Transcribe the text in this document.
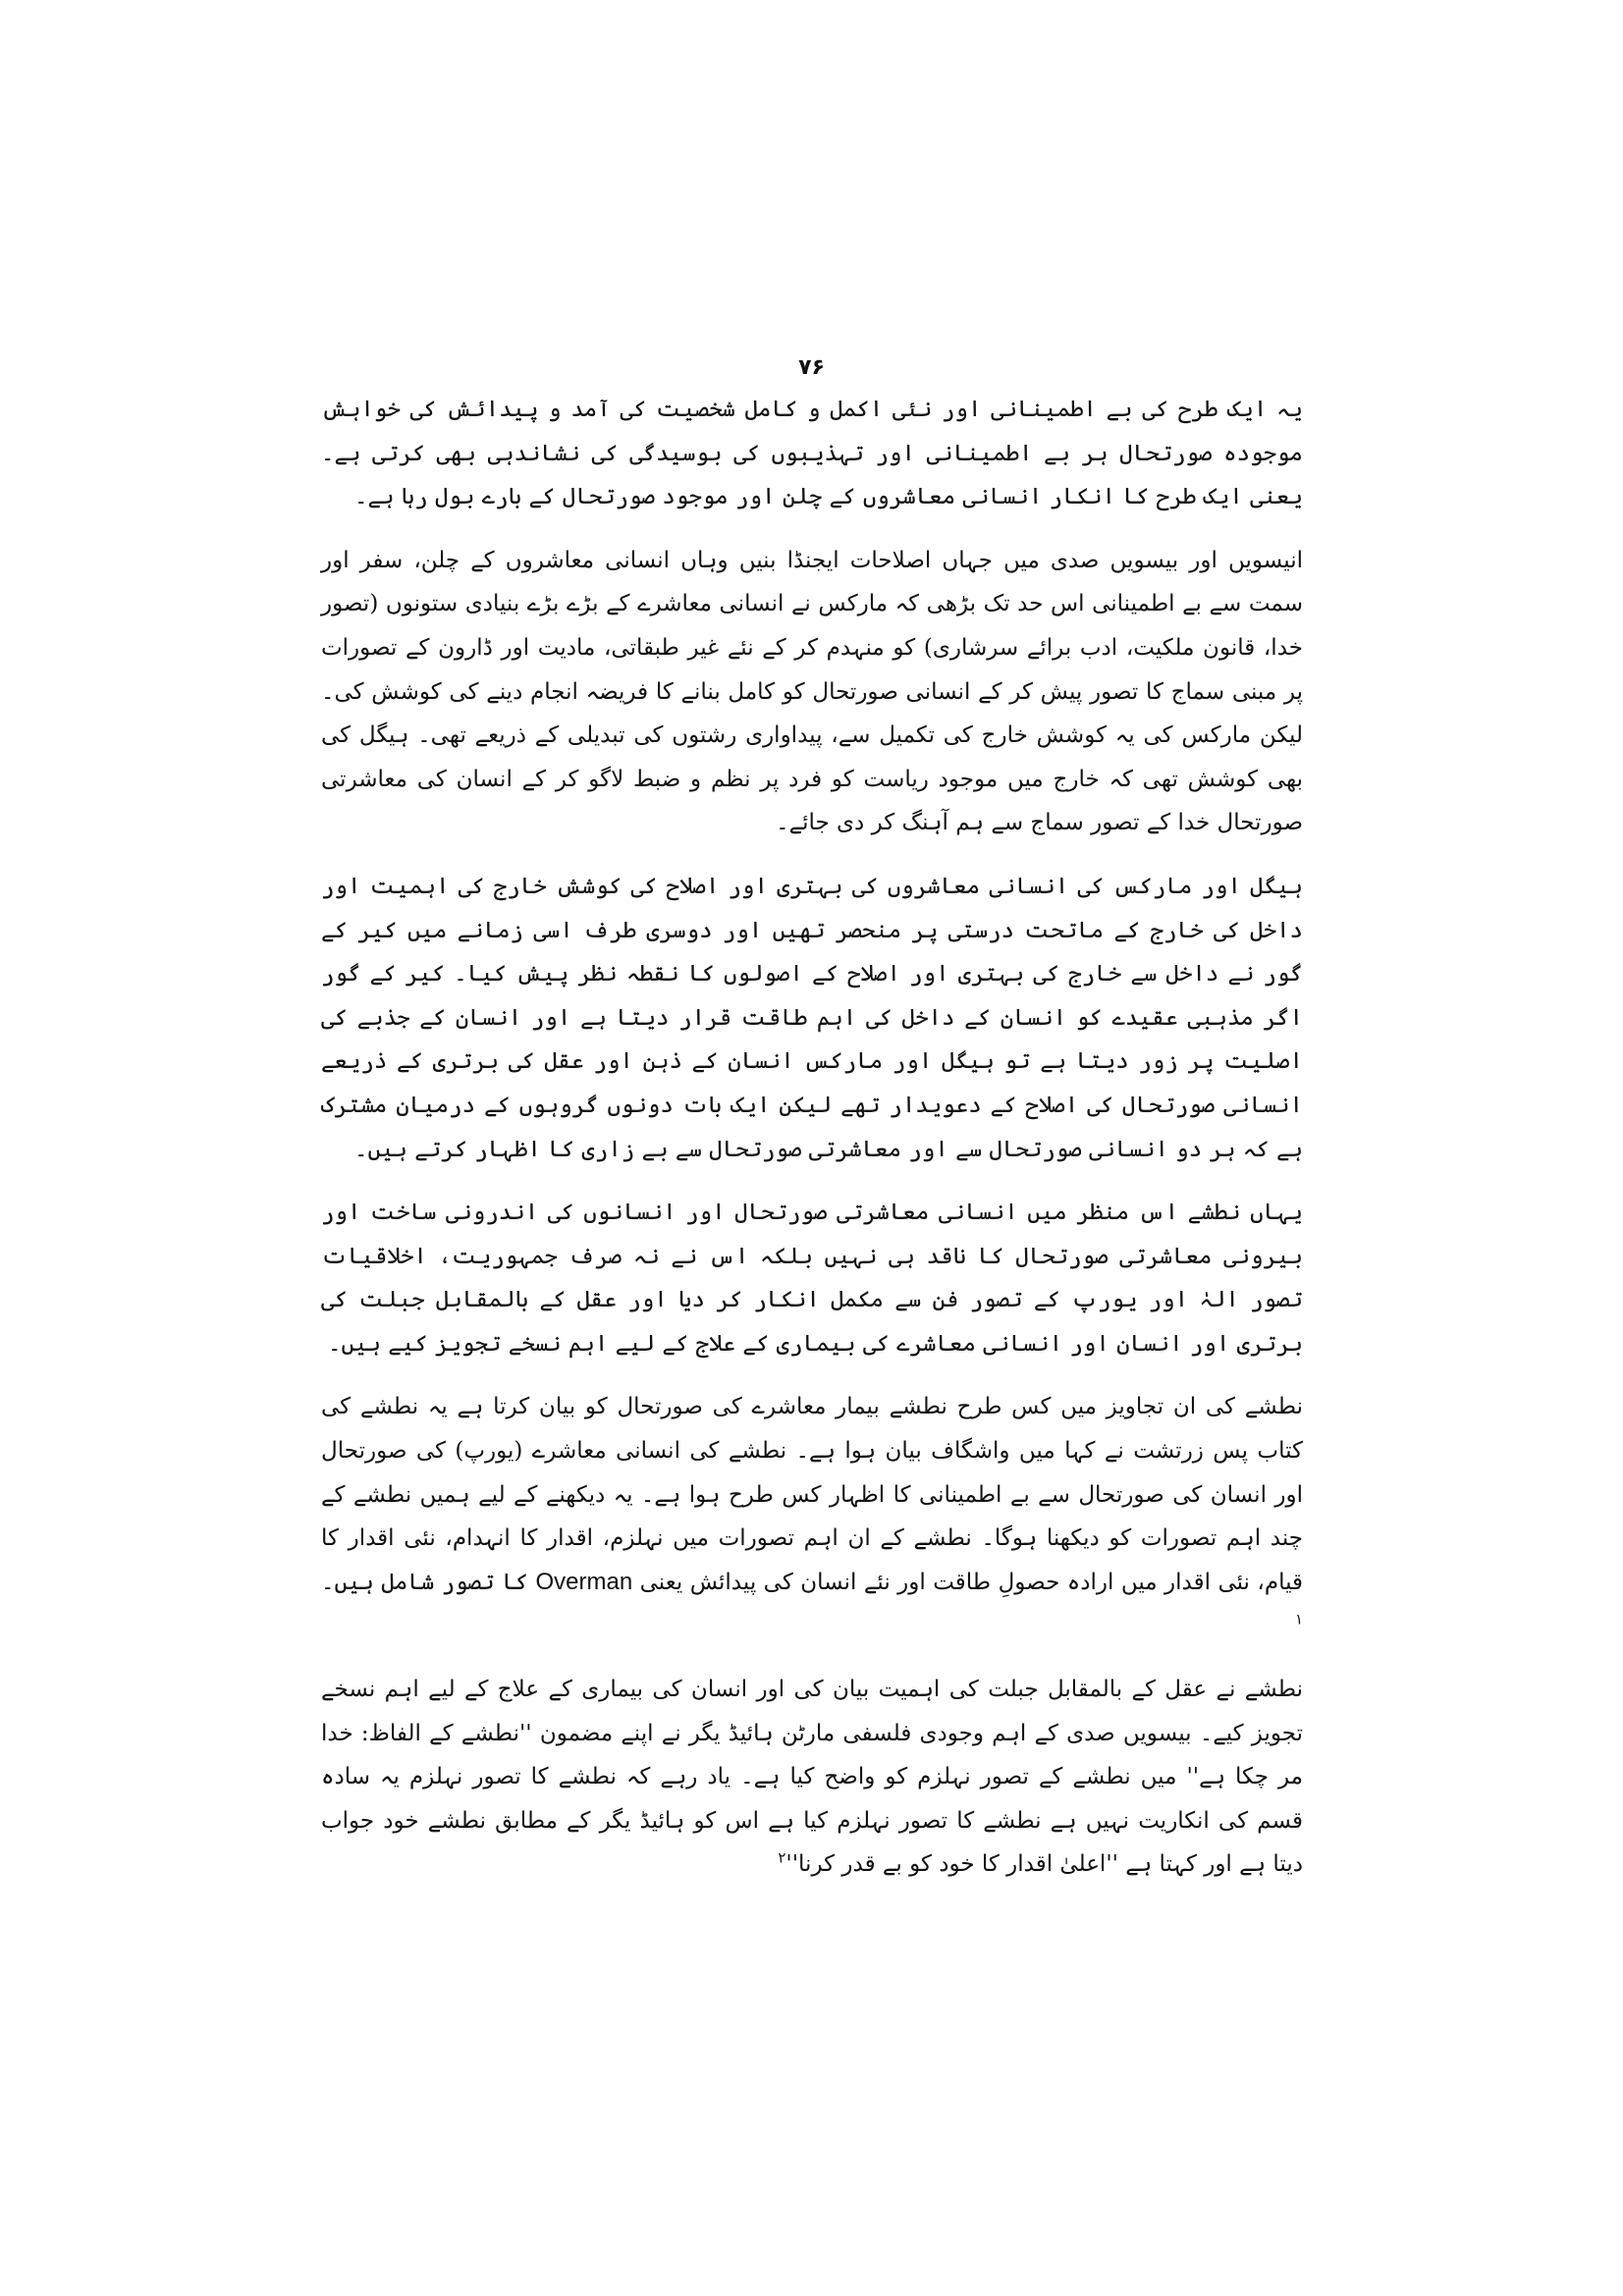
۷۶

یہ ایک طرح کی بے اطمینانی اور نئی اکمل و کامل شخصیت کی آمد و پیدائش کی خواہش موجودہ صورتحال ہر بے اطمینانی اور تہذیبوں کی بوسیدگی کی نشاندہی بھی کرتی ہے۔ یعنی ایک طرح کا انکار انسانی معاشروں کے چلن اور موجود صورتحال کے بارے بول رہا ہے۔

انیسویں اور بیسویں صدی میں جہاں اصلاحات ایجنڈا بنیں وہاں انسانی معاشروں کے چلن، سفر اور سمت سے بے اطمینانی اس حد تک بڑھی کہ مارکس نے انسانی معاشرے کے بڑے بڑے بنیادی ستونوں (تصور خدا، قانون ملکیت، ادب برائے سرشاری) کو منہدم کر کے نئے غیر طبقاتی، مادیت اور ڈارون کے تصورات پر مبنی سماج کا تصور پیش کر کے انسانی صورتحال کو کامل بنانے کا فریضہ انجام دینے کی کوشش کی۔ لیکن مارکس کی یہ کوشش خارج کی تکمیل سے، پیداواری رشتوں کی تبدیلی کے ذریعے تھی۔ ہیگل کی بھی کوشش تھی کہ خارج میں موجود ریاست کو فرد پر نظم و ضبط لاگو کر کے انسان کی معاشرتی صورتحال خدا کے تصور سماج سے ہم آہنگ کر دی جائے۔

ہیگل اور مارکس کی انسانی معاشروں کی بہتری اور اصلاح کی کوشش خارج کی اہمیت اور داخل کی خارج کے ماتحت درستی پر منحصر تھیں اور دوسری طرف اسی زمانے میں کیر کے گور نے داخل سے خارج کی بہتری اور اصلاح کے اصولوں کا نقطہ نظر پیش کیا۔ کیر کے گور اگر مذہبی عقیدے کو انسان کے داخل کی اہم طاقت قرار دیتا ہے اور انسان کے جذبے کی اصلیت پر زور دیتا ہے تو ہیگل اور مارکس انسان کے ذہن اور عقل کی برتری کے ذریعے انسانی صورتحال کی اصلاح کے دعویدار تھے لیکن ایک بات دونوں گروہوں کے درمیان مشترک ہے کہ ہر دو انسانی صورتحال سے اور معاشرتی صورتحال سے بے زاری کا اظہار کرتے ہیں۔

یہاں نطشے اس منظر میں انسانی معاشرتی صورتحال اور انسانوں کی اندرونی ساخت اور بیرونی معاشرتی صورتحال کا ناقد ہی نہیں بلکہ اس نے نہ صرف جمہوریت، اخلاقیات تصور الہٰ اور یورپ کے تصور فن سے مکمل انکار کر دیا اور عقل کے بالمقابل جبلت کی برتری اور انسان اور انسانی معاشرے کی بیماری کے علاج کے لیے اہم نسخے تجویز کیے ہیں۔

نطشے کی ان تجاویز میں کس طرح نطشے بیمار معاشرے کی صورتحال کو بیان کرتا ہے یہ نطشے کی کتاب پس زرتشت نے کہا میں واشگاف بیان ہوا ہے۔ نطشے کی انسانی معاشرے (یورپ) کی صورتحال اور انسان کی صورتحال سے بے اطمینانی کا اظہار کس طرح ہوا ہے۔ یہ دیکھنے کے لیے ہمیں نطشے کے چند اہم تصورات کو دیکھنا ہوگا۔ نطشے کے ان اہم تصورات میں نہلزم، اقدار کا انہدام، نئی اقدار کا قیام، نئی اقدار میں ارادہ حصولِ طاقت اور نئے انسان کی پیدائش یعنی Overman کا تصور شامل ہیں۔$^۱$

نطشے نے عقل کے بالمقابل جبلت کی اہمیت بیان کی اور انسان کی بیماری کے علاج کے لیے اہم نسخے تجویز کیے۔ بیسویں صدی کے اہم وجودی فلسفی مارٹن ہائیڈ یگر نے اپنے مضمون ''نطشے کے الفاظ: خدا مر چکا ہے'' میں نطشے کے تصور نہلزم کو واضح کیا ہے۔ یاد رہے کہ نطشے کا تصور نہلزم یہ سادہ قسم کی انکاریت نہیں ہے نطشے کا تصور نہلزم کیا ہے اس کو ہائیڈ یگر کے مطابق نطشے خود جواب دیتا ہے اور کہتا ہے ''اعلیٰ اقدار کا خود کو بے قدر کرنا''$^۲$
